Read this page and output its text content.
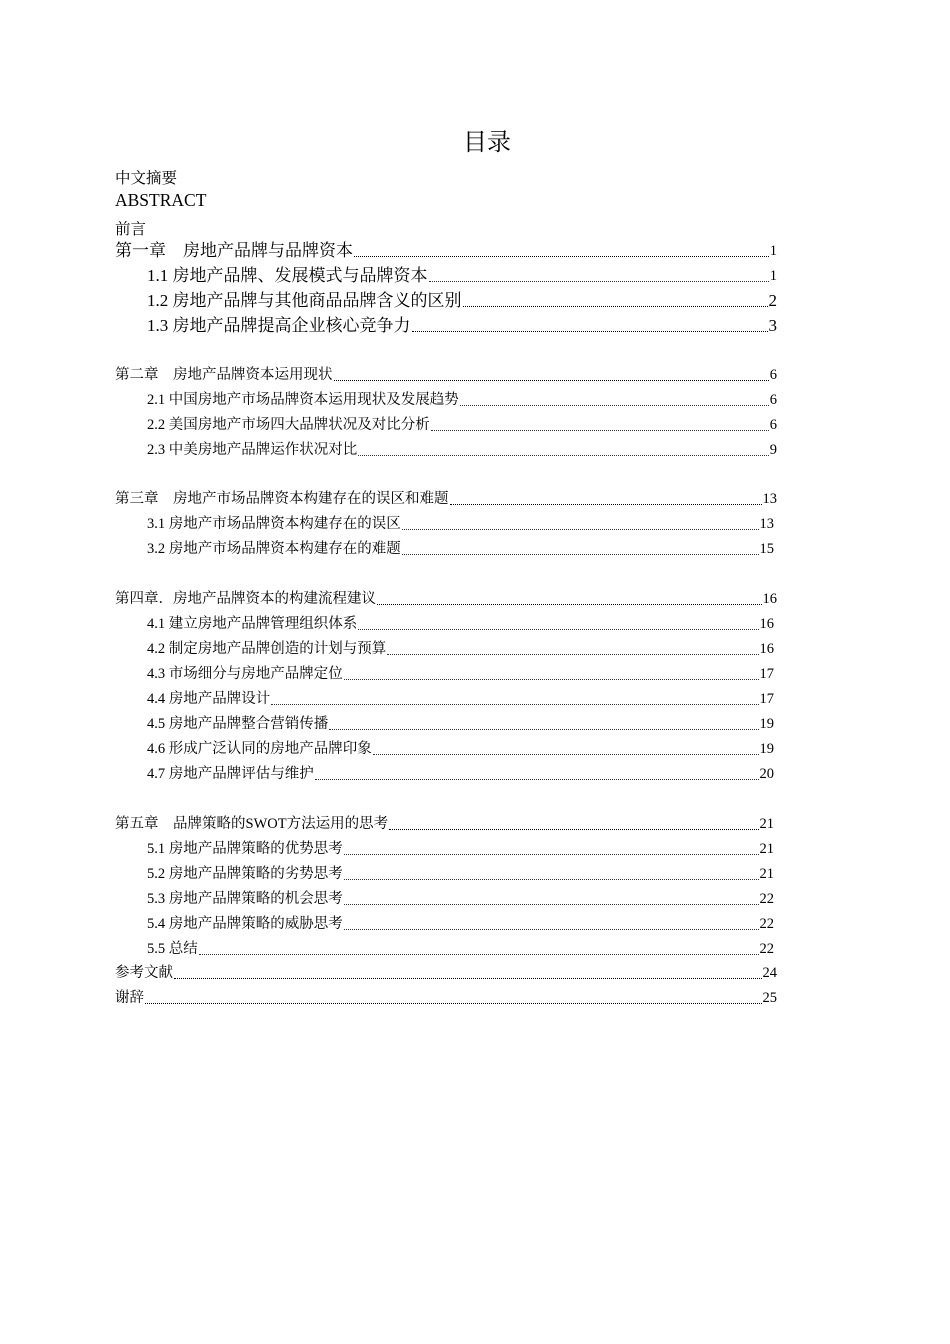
目录
中文摘要
ABSTRACT
前言
第一章　房地产品牌与品牌资本	1
1.1 房地产品牌、发展模式与品牌资本	1
1.2 房地产品牌与其他商品品牌含义的区别	2
1.3 房地产品牌提高企业核心竞争力	3
第二章　房地产品牌资本运用现状	6
2.1 中国房地产市场品牌资本运用现状及发展趋势	6
2.2 美国房地产市场四大品牌状况及对比分析	6
2.3 中美房地产品牌运作状况对比	9
第三章　房地产市场品牌资本构建存在的误区和难题	13
3.1 房地产市场品牌资本构建存在的误区	13
3.2 房地产市场品牌资本构建存在的难题	15
第四章．房地产品牌资本的构建流程建议	16
4.1 建立房地产品牌管理组织体系	16
4.2 制定房地产品牌创造的计划与预算	16
4.3 市场细分与房地产品牌定位	17
4.4 房地产品牌设计	17
4.5 房地产品牌整合营销传播	19
4.6 形成广泛认同的房地产品牌印象	19
4.7 房地产品牌评估与维护	20
第五章　品牌策略的SWOT方法运用的思考	21
5.1 房地产品牌策略的优势思考	21
5.2 房地产品牌策略的劣势思考	21
5.3 房地产品牌策略的机会思考	22
5.4 房地产品牌策略的威胁思考	22
5.5 总结	22
参考文献	24
谢辞	25
